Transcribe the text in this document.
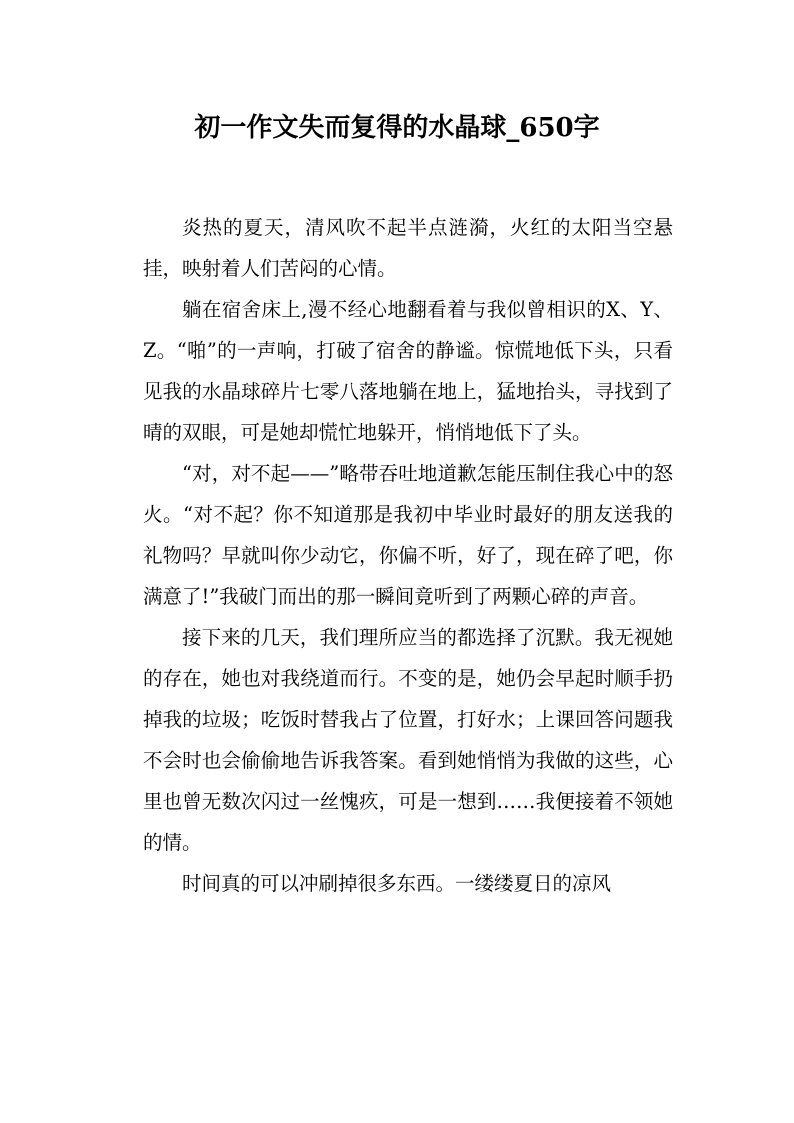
初一作文失而复得的水晶球_650字

炎热的夏天，清风吹不起半点涟漪，火红的太阳当空悬挂，映射着人们苦闷的心情。

躺在宿舍床上,漫不经心地翻看着与我似曾相识的X、Y、Z。“啪”的一声响，打破了宿舍的静谧。惊慌地低下头，只看见我的水晶球碎片七零八落地躺在地上，猛地抬头，寻找到了晴的双眼，可是她却慌忙地躲开，悄悄地低下了头。

“对，对不起——”略带吞吐地道歉怎能压制住我心中的怒火。“对不起？你不知道那是我初中毕业时最好的朋友送我的礼物吗？早就叫你少动它，你偏不听，好了，现在碎了吧，你满意了!”我破门而出的那一瞬间竟听到了两颗心碎的声音。

接下来的几天，我们理所应当的都选择了沉默。我无视她的存在，她也对我绕道而行。不变的是，她仍会早起时顺手扔掉我的垃圾；吃饭时替我占了位置，打好水；上课回答问题我不会时也会偷偷地告诉我答案。看到她悄悄为我做的这些，心里也曾无数次闪过一丝愧疚，可是一想到……我便接着不领她的情。

时间真的可以冲刷掉很多东西。一缕缕夏日的凉风
